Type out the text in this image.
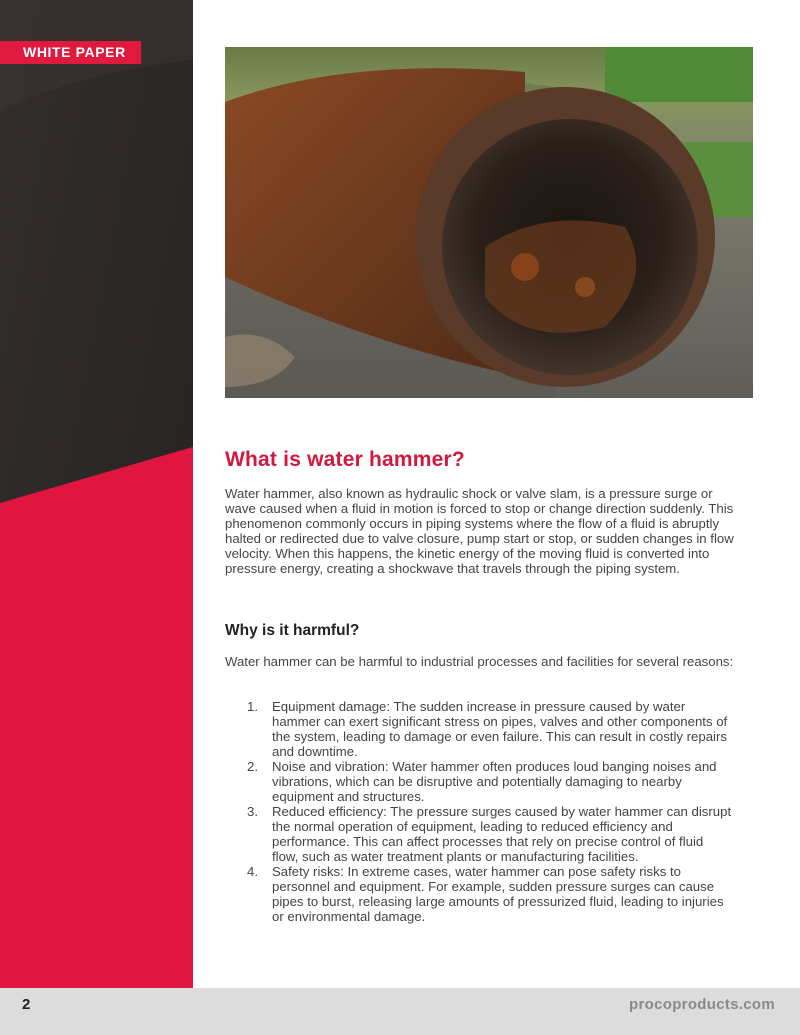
WHITE PAPER
What is water hammer?

Water hammer, also known as hydraulic shock or valve slam, is a pressure surge or wave caused when a fluid in motion is forced to stop or change direction suddenly. This phenomenon commonly occurs in piping systems where the flow of a fluid is abruptly halted or redirected due to valve closure, pump start or stop, or sudden changes in flow velocity. When this happens, the kinetic energy of the moving fluid is converted into pressure energy, creating a shockwave that travels through the piping system.

Why is it harmful?

Water hammer can be harmful to industrial processes and facilities for several reasons:

1. Equipment damage: The sudden increase in pressure caused by water hammer can exert significant stress on pipes, valves and other components of the system, leading to damage or even failure. This can result in costly repairs and downtime.
2. Noise and vibration: Water hammer often produces loud banging noises and vibrations, which can be disruptive and potentially damaging to nearby equipment and structures.
3. Reduced efficiency: The pressure surges caused by water hammer can disrupt the normal operation of equipment, leading to reduced efficiency and performance. This can affect processes that rely on precise control of fluid flow, such as water treatment plants or manufacturing facilities.
4. Safety risks: In extreme cases, water hammer can pose safety risks to personnel and equipment. For example, sudden pressure surges can cause pipes to burst, releasing large amounts of pressurized fluid, leading to injuries or environmental damage.
2	procoproducts.com
